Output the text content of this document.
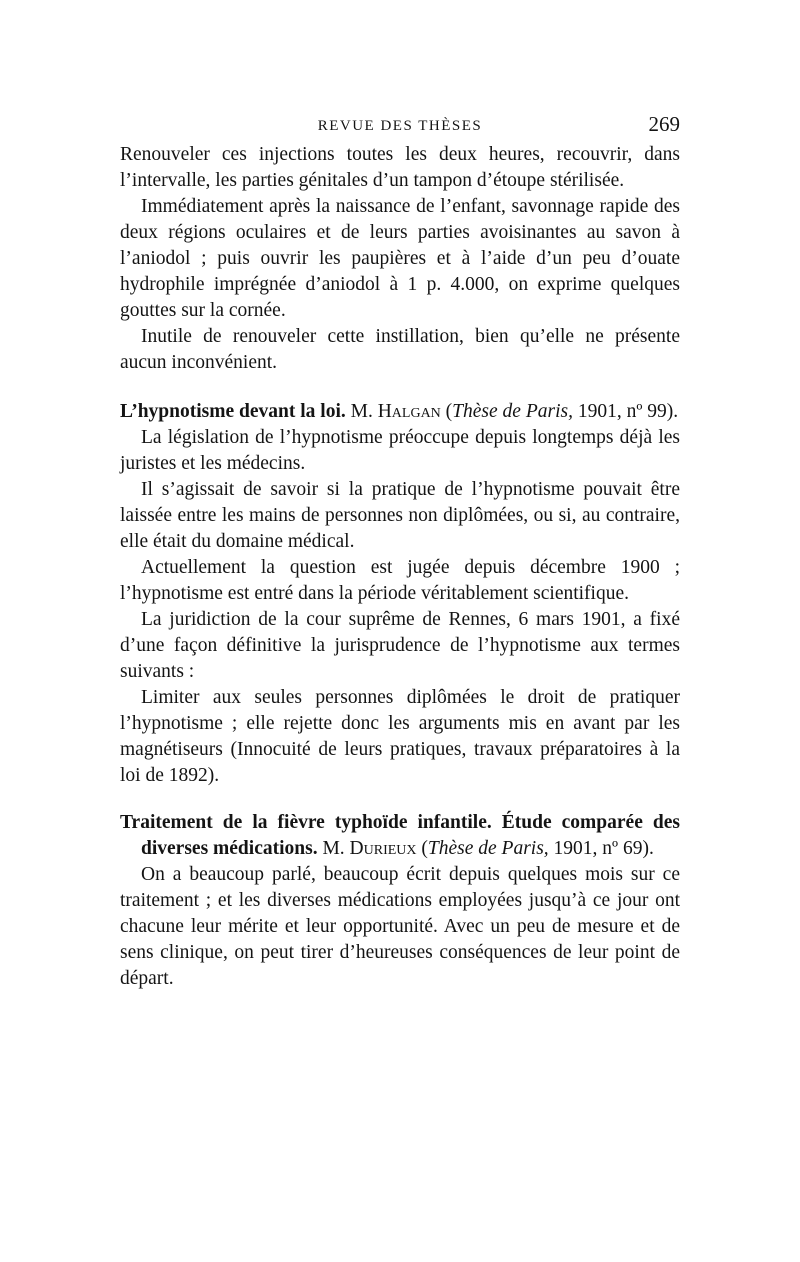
REVUE DES THÈSES	269

Renouveler ces injections toutes les deux heures, recouvrir, dans l’intervalle, les parties génitales d’un tampon d’étoupe stérilisée.

Immédiatement après la naissance de l’enfant, savonnage rapide des deux régions oculaires et de leurs parties avoisinantes au savon à l’aniodol ; puis ouvrir les paupières et à l’aide d’un peu d’ouate hydrophile imprégnée d’aniodol à 1 p. 4.000, on exprime quelques gouttes sur la cornée.

Inutile de renouveler cette instillation, bien qu’elle ne présente aucun inconvénient.

L’hypnotisme devant la loi. M. Halgan (Thèse de Paris, 1901, nº 99).

La législation de l’hypnotisme préoccupe depuis longtemps déjà les juristes et les médecins.

Il s’agissait de savoir si la pratique de l’hypnotisme pouvait être laissée entre les mains de personnes non diplômées, ou si, au contraire, elle était du domaine médical.

Actuellement la question est jugée depuis décembre 1900 ; l’hypnotisme est entré dans la période véritablement scientifique.

La juridiction de la cour suprême de Rennes, 6 mars 1901, a fixé d’une façon définitive la jurisprudence de l’hypnotisme aux termes suivants :

Limiter aux seules personnes diplômées le droit de pratiquer l’hypnotisme ; elle rejette donc les arguments mis en avant par les magnétiseurs (Innocuité de leurs pratiques, travaux préparatoires à la loi de 1892).

Traitement de la fièvre typhoïde infantile. Étude comparée des diverses médications. M. Durieux (Thèse de Paris, 1901, nº 69).

On a beaucoup parlé, beaucoup écrit depuis quelques mois sur ce traitement ; et les diverses médications employées jusqu’à ce jour ont chacune leur mérite et leur opportunité. Avec un peu de mesure et de sens clinique, on peut tirer d’heureuses conséquences de leur point de départ.
